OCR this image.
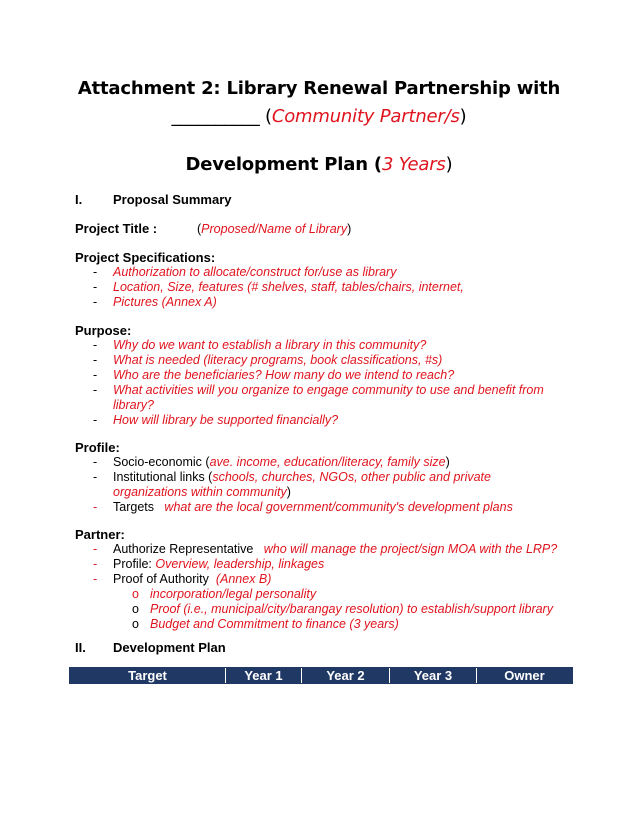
Attachment 2: Library Renewal Partnership with
__________ (Community Partner/s)
Development Plan (3 Years)
I. Proposal Summary
Project Title :	(Proposed/Name of Library)
Project Specifications:
- Authorization to allocate/construct for/use as library
- Location, Size, features (# shelves, staff, tables/chairs, internet,
- Pictures (Annex A)
Purpose:
- Why do we want to establish a library in this community?
- What is needed (literacy programs, book classifications, #s)
- Who are the beneficiaries? How many do we intend to reach?
- What activities will you organize to engage community to use and benefit from
library?
- How will library be supported financially?
Profile:
- Socio-economic (ave. income, education/literacy, family size)
- Institutional links (schools, churches, NGOs, other public and private
organizations within community)
- Targets what are the local government/community's development plans
Partner:
- Authorize Representative who will manage the project/sign MOA with the LRP?
- Profile: Overview, leadership, linkages
- Proof of Authority (Annex B)
o incorporation/legal personality
o Proof (i.e., municipal/city/barangay resolution) to establish/support library
o Budget and Commitment to finance (3 years)
II. Development Plan
Target	Year 1	Year 2	Year 3	Owner
